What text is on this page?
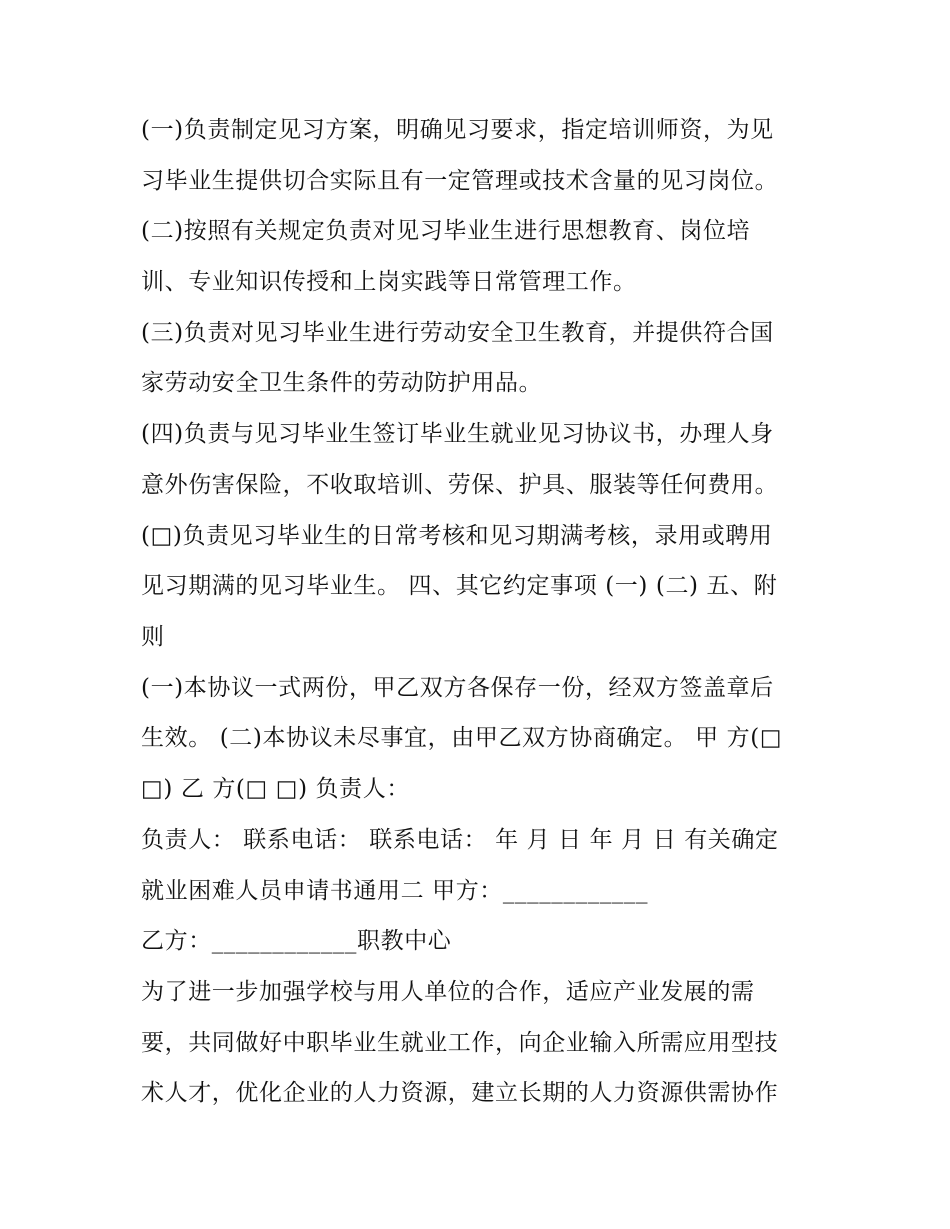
(一)负责制定见习方案，明确见习要求，指定培训师资，为见
习毕业生提供切合实际且有一定管理或技术含量的见习岗位。
(二)按照有关规定负责对见习毕业生进行思想教育、岗位培
训、专业知识传授和上岗实践等日常管理工作。
(三)负责对见习毕业生进行劳动安全卫生教育，并提供符合国
家劳动安全卫生条件的劳动防护用品。
(四)负责与见习毕业生签订毕业生就业见习协议书，办理人身
意外伤害保险，不收取培训、劳保、护具、服装等任何费用。
(□)负责见习毕业生的日常考核和见习期满考核，录用或聘用
见习期满的见习毕业生。 四、其它约定事项 (一) (二) 五、附
则
(一)本协议一式两份，甲乙双方各保存一份，经双方签盖章后
生效。 (二)本协议未尽事宜，由甲乙双方协商确定。 甲 方(□
□) 乙 方(□ □) 负责人：
负责人： 联系电话： 联系电话： 年 月 日 年 月 日 有关确定
就业困难人员申请书通用二 甲方：____________
乙方：____________职教中心
为了进一步加强学校与用人单位的合作，适应产业发展的需
要，共同做好中职毕业生就业工作，向企业输入所需应用型技
术人才，优化企业的人力资源，建立长期的人力资源供需协作
